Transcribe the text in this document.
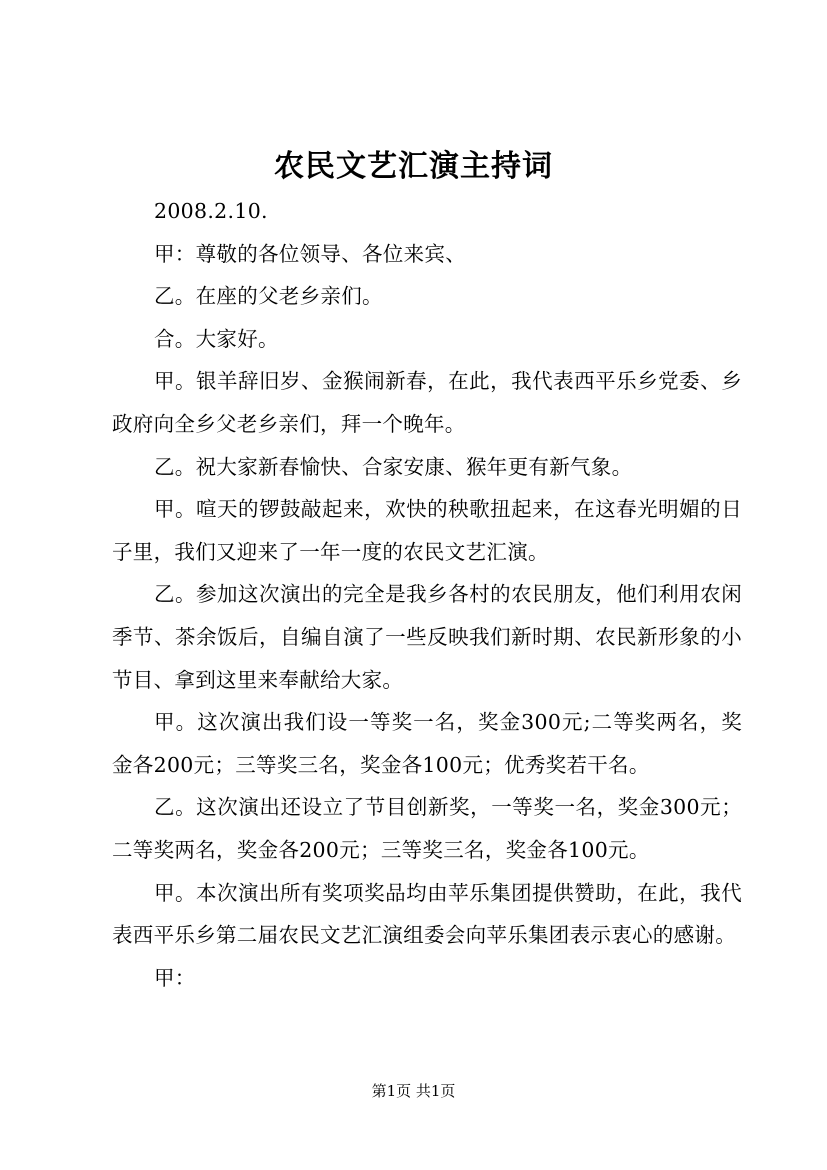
农民文艺汇演主持词

2008.2.10.

甲：尊敬的各位领导、各位来宾、

乙。在座的父老乡亲们。

合。大家好。

甲。银羊辞旧岁、金猴闹新春，在此，我代表西平乐乡党委、乡政府向全乡父老乡亲们，拜一个晚年。

乙。祝大家新春愉快、合家安康、猴年更有新气象。

甲。喧天的锣鼓敲起来，欢快的秧歌扭起来，在这春光明媚的日子里，我们又迎来了一年一度的农民文艺汇演。

乙。参加这次演出的完全是我乡各村的农民朋友，他们利用农闲季节、茶余饭后，自编自演了一些反映我们新时期、农民新形象的小节目、拿到这里来奉献给大家。

甲。这次演出我们设一等奖一名，奖金300元;二等奖两名，奖金各200元；三等奖三名，奖金各100元；优秀奖若干名。

乙。这次演出还设立了节目创新奖，一等奖一名，奖金300元；二等奖两名，奖金各200元；三等奖三名，奖金各100元。

甲。本次演出所有奖项奖品均由苹乐集团提供赞助，在此，我代表西平乐乡第二届农民文艺汇演组委会向苹乐集团表示衷心的感谢。

甲：

第1页 共1页
